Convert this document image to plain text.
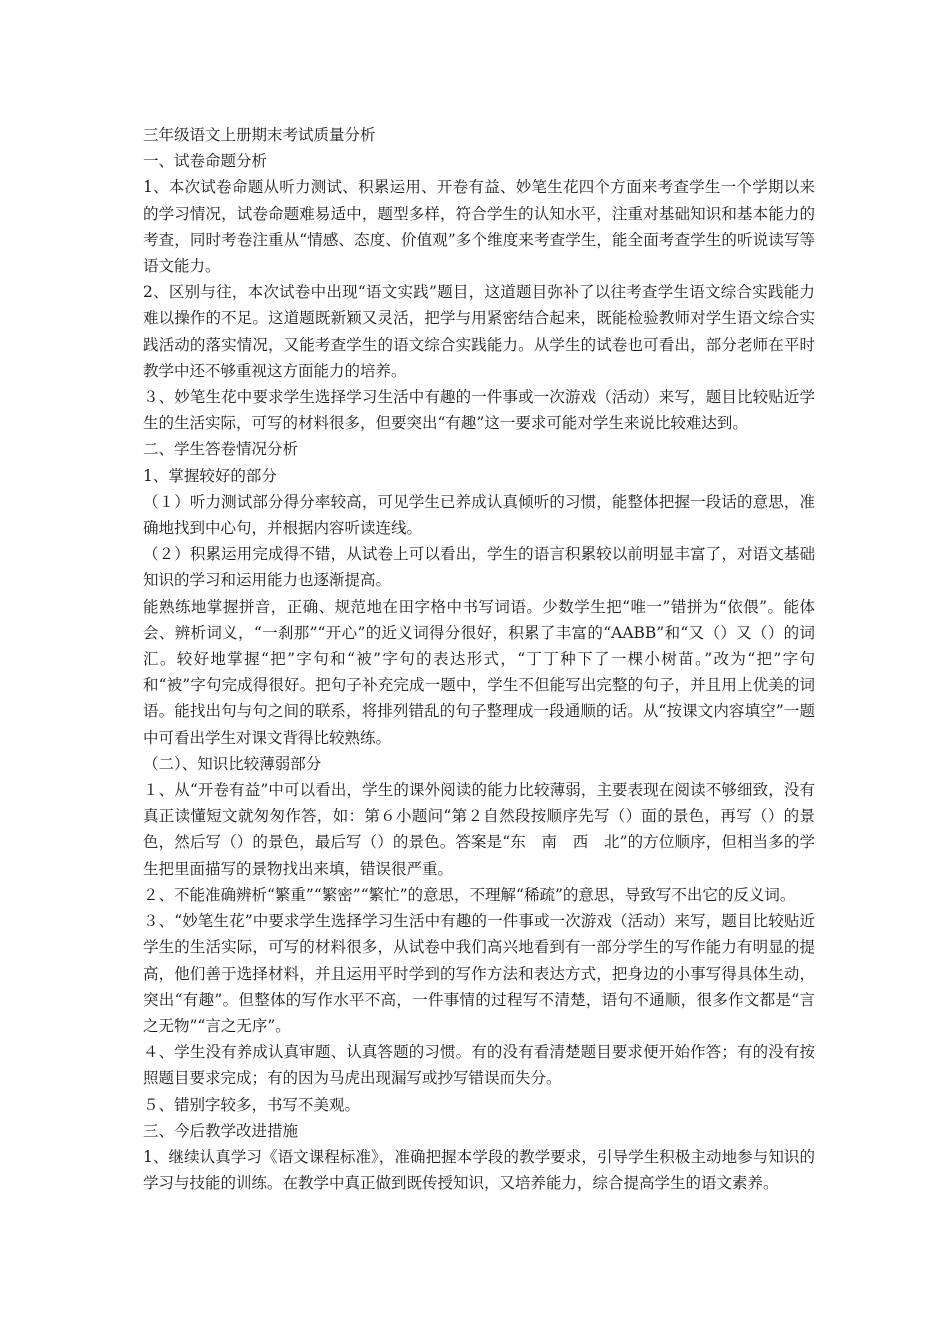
三年级语文上册期末考试质量分析

一、试卷命题分析

1、本次试卷命题从听力测试、积累运用、开卷有益、妙笔生花四个方面来考查学生一个学期以来的学习情况，试卷命题难易适中，题型多样，符合学生的认知水平，注重对基础知识和基本能力的考查，同时考卷注重从“情感、态度、价值观”多个维度来考查学生，能全面考查学生的听说读写等语文能力。

2、区别与往，本次试卷中出现“语文实践”题目，这道题目弥补了以往考查学生语文综合实践能力难以操作的不足。这道题既新颖又灵活，把学与用紧密结合起来，既能检验教师对学生语文综合实践活动的落实情况，又能考查学生的语文综合实践能力。从学生的试卷也可看出，部分老师在平时教学中还不够重视这方面能力的培养。

３、妙笔生花中要求学生选择学习生活中有趣的一件事或一次游戏（活动）来写，题目比较贴近学生的生活实际，可写的材料很多，但要突出“有趣”这一要求可能对学生来说比较难达到。

二、学生答卷情况分析

1、掌握较好的部分

（１）听力测试部分得分率较高，可见学生已养成认真倾听的习惯，能整体把握一段话的意思，准确地找到中心句，并根据内容听读连线。

（２）积累运用完成得不错，从试卷上可以看出，学生的语言积累较以前明显丰富了，对语文基础知识的学习和运用能力也逐渐提高。

能熟练地掌握拼音，正确、规范地在田字格中书写词语。少数学生把“唯一”错拼为“依偎”。能体会、辨析词义，“一刹那”“开心”的近义词得分很好，积累了丰富的“AABB”和“又（）又（）的词汇。较好地掌握“把”字句和“被”字句的表达形式，“丁丁种下了一棵小树苗。”改为“把”字句和“被”字句完成得很好。把句子补充完成一题中，学生不但能写出完整的句子，并且用上优美的词语。能找出句与句之间的联系，将排列错乱的句子整理成一段通顺的话。从“按课文内容填空”一题中可看出学生对课文背得比较熟练。

（二）、知识比较薄弱部分

１、从“开卷有益”中可以看出，学生的课外阅读的能力比较薄弱，主要表现在阅读不够细致，没有真正读懂短文就匆匆作答，如：第６小题问“第２自然段按顺序先写（）面的景色，再写（）的景色，然后写（）的景色，最后写（）的景色。答案是“东　南　西　北”的方位顺序，但相当多的学生把里面描写的景物找出来填，错误很严重。

２、不能准确辨析“繁重”“繁密”“繁忙”的意思，不理解“稀疏”的意思，导致写不出它的反义词。

３、“妙笔生花”中要求学生选择学习生活中有趣的一件事或一次游戏（活动）来写，题目比较贴近学生的生活实际，可写的材料很多，从试卷中我们高兴地看到有一部分学生的写作能力有明显的提高，他们善于选择材料，并且运用平时学到的写作方法和表达方式，把身边的小事写得具体生动，突出“有趣”。但整体的写作水平不高，一件事情的过程写不清楚，语句不通顺，很多作文都是“言之无物”“言之无序”。

４、学生没有养成认真审题、认真答题的习惯。有的没有看清楚题目要求便开始作答；有的没有按照题目要求完成；有的因为马虎出现漏写或抄写错误而失分。

５、错别字较多，书写不美观。

三、今后教学改进措施

1、继续认真学习《语文课程标准》，准确把握本学段的教学要求，引导学生积极主动地参与知识的学习与技能的训练。在教学中真正做到既传授知识，又培养能力，综合提高学生的语文素养。
